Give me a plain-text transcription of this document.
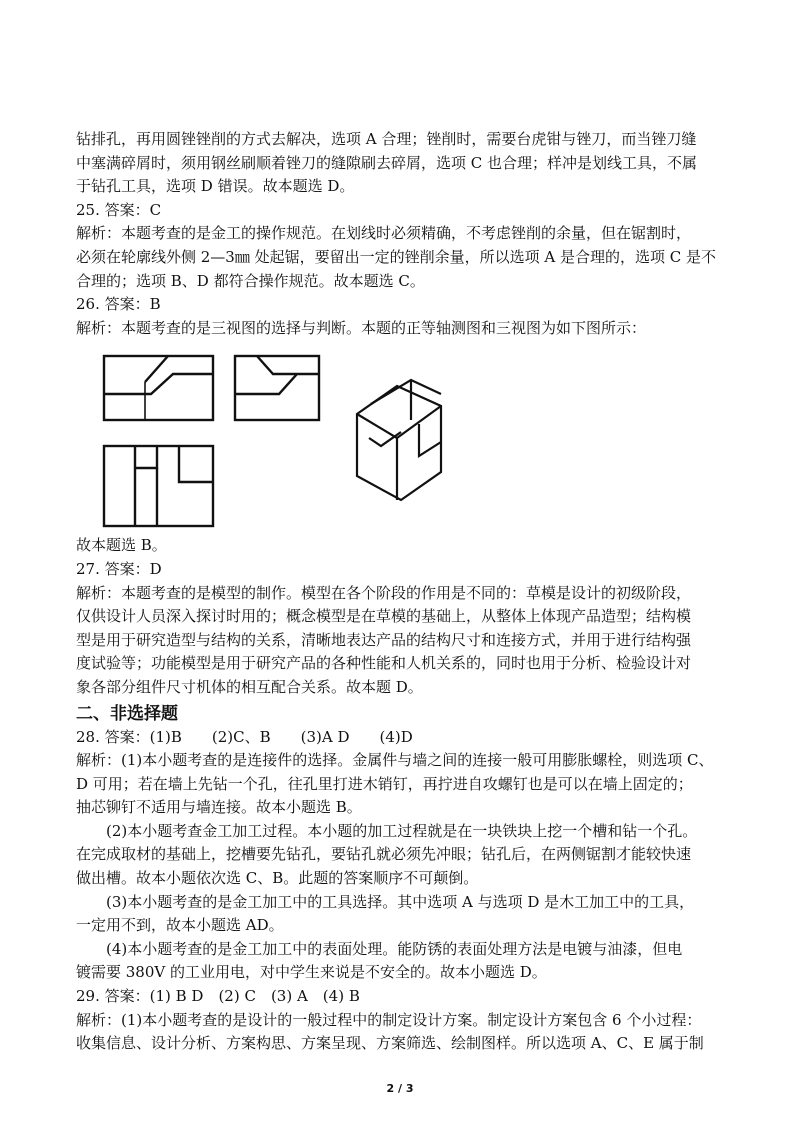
钻排孔，再用圆锉锉削的方式去解决，选项 A 合理；锉削时，需要台虎钳与锉刀，而当锉刀缝
中塞满碎屑时，须用钢丝刷顺着锉刀的缝隙刷去碎屑，选项 C 也合理；样冲是划线工具，不属
于钻孔工具，选项 D 错误。故本题选 D。
25. 答案：C
解析：本题考查的是金工的操作规范。在划线时必须精确，不考虑锉削的余量，但在锯割时，
必须在轮廓线外侧 2—3㎜ 处起锯，要留出一定的锉削余量，所以选项 A 是合理的，选项 C 是不
合理的；选项 B、D 都符合操作规范。故本题选 C。
26. 答案：B
解析：本题考查的是三视图的选择与判断。本题的正等轴测图和三视图为如下图所示：
故本题选 B。
27. 答案：D
解析：本题考查的是模型的制作。模型在各个阶段的作用是不同的：草模是设计的初级阶段，
仅供设计人员深入探讨时用的；概念模型是在草模的基础上，从整体上体现产品造型；结构模
型是用于研究造型与结构的关系，清晰地表达产品的结构尺寸和连接方式，并用于进行结构强
度试验等；功能模型是用于研究产品的各种性能和人机关系的，同时也用于分析、检验设计对
象各部分组件尺寸机体的相互配合关系。故本题 D。
二、非选择题
28. 答案：(1)B　　(2)C、B　　(3)A D　　(4)D
解析：(1)本小题考查的是连接件的选择。金属件与墙之间的连接一般可用膨胀螺栓，则选项 C、
D 可用；若在墙上先钻一个孔，往孔里打进木销钉，再拧进自攻螺钉也是可以在墙上固定的；
抽芯铆钉不适用与墙连接。故本小题选 B。
(2)本小题考查金工加工过程。本小题的加工过程就是在一块铁块上挖一个槽和钻一个孔。
在完成取材的基础上，挖槽要先钻孔，要钻孔就必须先冲眼；钻孔后，在两侧锯割才能较快速
做出槽。故本小题依次选 C、B。此题的答案顺序不可颠倒。
(3)本小题考查的是金工加工中的工具选择。其中选项 A 与选项 D 是木工加工中的工具，
一定用不到，故本小题选 AD。
(4)本小题考查的是金工加工中的表面处理。能防锈的表面处理方法是电镀与油漆，但电
镀需要 380V 的工业用电，对中学生来说是不安全的。故本小题选 D。
29. 答案：(1) B D　(2) C　(3) A　(4) B
解析：(1)本小题考查的是设计的一般过程中的制定设计方案。制定设计方案包含 6 个小过程：
收集信息、设计分析、方案构思、方案呈现、方案筛选、绘制图样。所以选项 A、C、E 属于制
2 / 3
